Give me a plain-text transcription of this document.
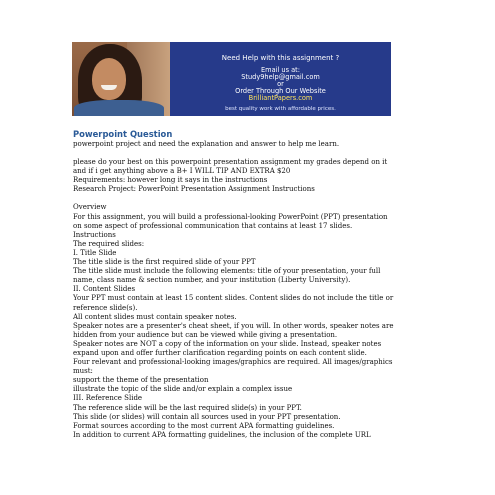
Need Help with this assignment ?
Email us at:
Study9help@gmail.com
or
Order Through Our Website
BrilliantPapers.com
best quality work with affordable prices.

Powerpoint Question

powerpoint project and need the explanation and answer to help me learn.

please do your best on this powerpoint presentation assignment my grades depend on it

and if i get anything above a B+ I WILL TIP AND EXTRA $20

Requirements: however long it says in the instructions

Research Project: PowerPoint Presentation Assignment Instructions

Overview

For this assignment, you will build a professional-looking PowerPoint (PPT) presentation

on some aspect of professional communication that contains at least 17 slides.

Instructions

The required slides:

I. Title Slide

The title slide is the first required slide of your PPT

The title slide must include the following elements: title of your presentation, your full

name, class name & section number, and your institution (Liberty University).

II. Content Slides

Your PPT must contain at least 15 content slides. Content slides do not include the title or

reference slide(s).

All content slides must contain speaker notes.

Speaker notes are a presenter's cheat sheet, if you will. In other words, speaker notes are

hidden from your audience but can be viewed while giving a presentation.

Speaker notes are NOT a copy of the information on your slide. Instead, speaker notes

expand upon and offer further clarification regarding points on each content slide.

Four relevant and professional-looking images/graphics are required. All images/graphics

must:

support the theme of the presentation

illustrate the topic of the slide and/or explain a complex issue

III. Reference Slide

The reference slide will be the last required slide(s) in your PPT.

This slide (or slides) will contain all sources used in your PPT presentation.

Format sources according to the most current APA formatting guidelines.

In addition to current APA formatting guidelines, the inclusion of the complete URL
